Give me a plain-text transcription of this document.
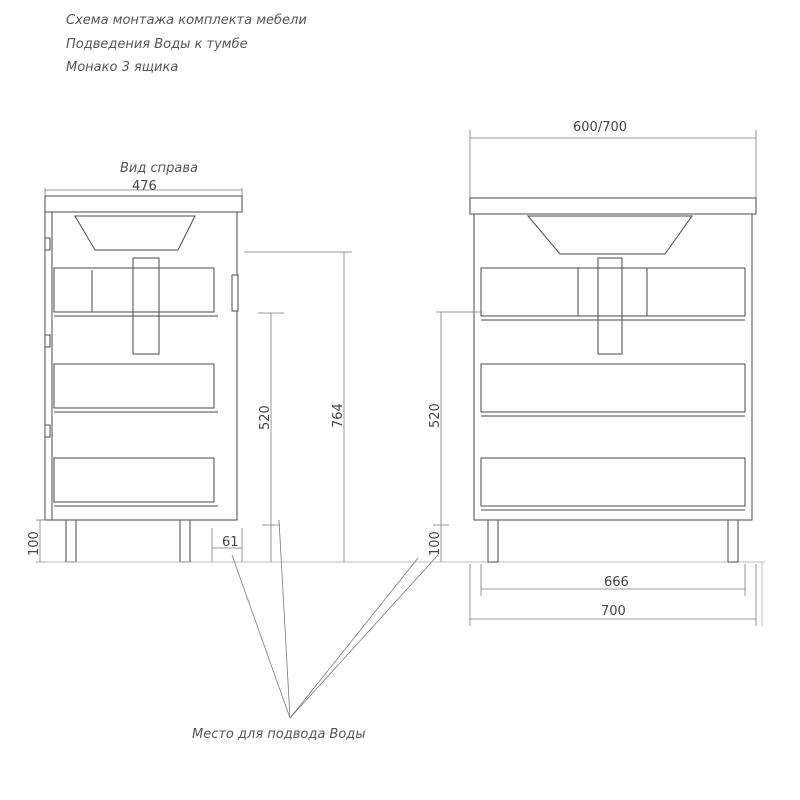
Схема монтажа комплекта мебели
Подведения Воды к тумбе
Монако 3 ящика
Вид справа
476
100	61
520	764
600/700
520
100
666
700
Место для подвода Воды
